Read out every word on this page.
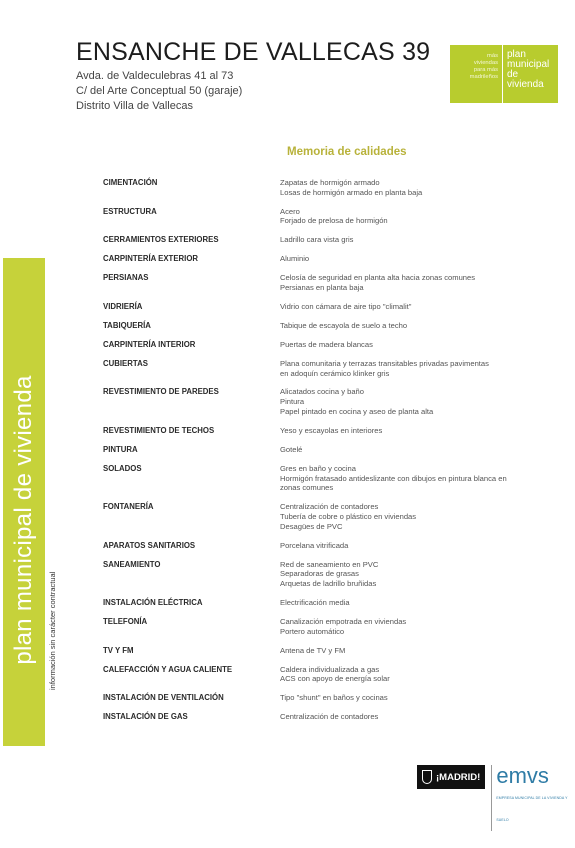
plan municipal de vivienda información sin carácter contractual
ENSANCHE DE VALLECAS 39
Avda. de Valdeculebras 41 al 73
C/ del Arte Conceptual 50 (garaje)
Distrito Villa de Vallecas
más
viviendas
para más
madrileños
plan
municipal
de
vivienda
Memoria de calidades
CIMENTACIÓN	Zapatas de hormigón armado
Losas de hormigón armado en planta baja
ESTRUCTURA	Acero
Forjado de prelosa de hormigón
CERRAMIENTOS EXTERIORES	Ladrillo cara vista gris
CARPINTERÍA EXTERIOR	Aluminio
PERSIANAS	Celosía de seguridad en planta alta hacia zonas comunes
Persianas en planta baja
VIDRIERÍA	Vidrio con cámara de aire tipo "climalit"
TABIQUERÍA	Tabique de escayola de suelo a techo
CARPINTERÍA INTERIOR	Puertas de madera blancas
CUBIERTAS	Plana comunitaria y terrazas transitables privadas pavimentas
en adoquín cerámico klinker gris
REVESTIMIENTO DE PAREDES	Alicatados cocina y baño
Pintura
Papel pintado en cocina y aseo de planta alta
REVESTIMIENTO DE TECHOS	Yeso y escayolas en interiores
PINTURA	Gotelé
SOLADOS	Gres en baño y cocina
Hormigón fratasado antideslizante con dibujos en pintura blanca en
zonas comunes
FONTANERÍA	Centralización de contadores
Tubería de cobre o plástico en viviendas
Desagües de PVC
APARATOS SANITARIOS	Porcelana vitrificada
SANEAMIENTO	Red de saneamiento en PVC
Separadoras de grasas
Arquetas de ladrillo bruñidas
INSTALACIÓN ELÉCTRICA	Electrificación media
TELEFONÍA	Canalización empotrada en viviendas
Portero automático
TV Y FM	Antena de TV y FM
CALEFACCIÓN Y AGUA CALIENTE	Caldera individualizada a gas
ACS con apoyo de energía solar
INSTALACIÓN DE VENTILACIÓN	Tipo "shunt" en baños y cocinas
INSTALACIÓN DE GAS	Centralización de contadores
¡MADRID! emvs
EMPRESA MUNICIPAL DE LA VIVIENDA Y SUELO
